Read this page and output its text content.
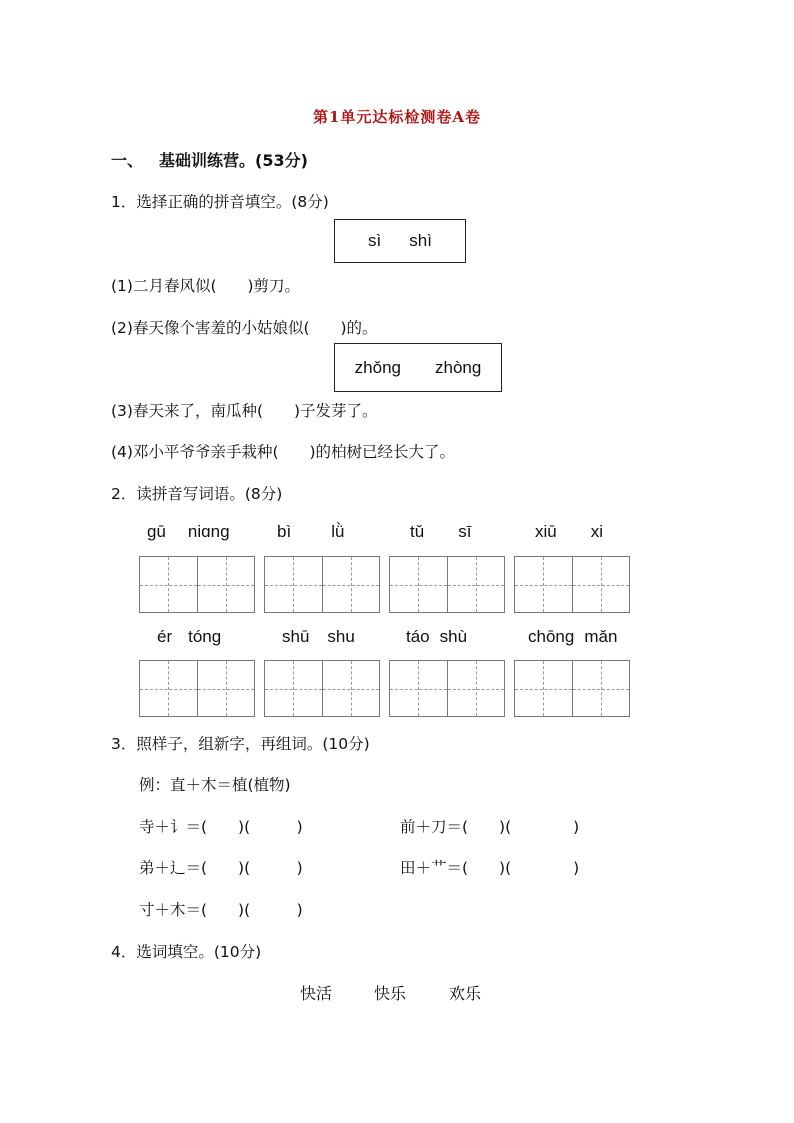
第1单元达标检测卷A卷
一、 基础训练营。(53分)
1．选择正确的拼音填空。(8分)
sì shì
(1)二月春风似(　　)剪刀。
(2)春天像个害羞的小姑娘似(　　)的。
zhǒng zhòng
(3)春天来了，南瓜种(　　)子发芽了。
(4)邓小平爷爷亲手栽种(　　)的柏树已经长大了。
2．读拼音写词语。(8分)
gū niɑng	bì lǜ	tǔ sī	xiū xi
ér tóng	shū shu	táo shù	chōng mǎn
3．照样子，组新字，再组词。(10分)
例：直＋木＝植(植物)
寺＋讠＝(　　)(　　　)
弟＋辶＝(　　)(　　　)
寸＋木＝(　　)(　　　)
前＋刀＝(　　)(　　　　)
田＋艹＝(　　)(　　　　)
4．选词填空。(10分)
快活	快乐	欢乐
